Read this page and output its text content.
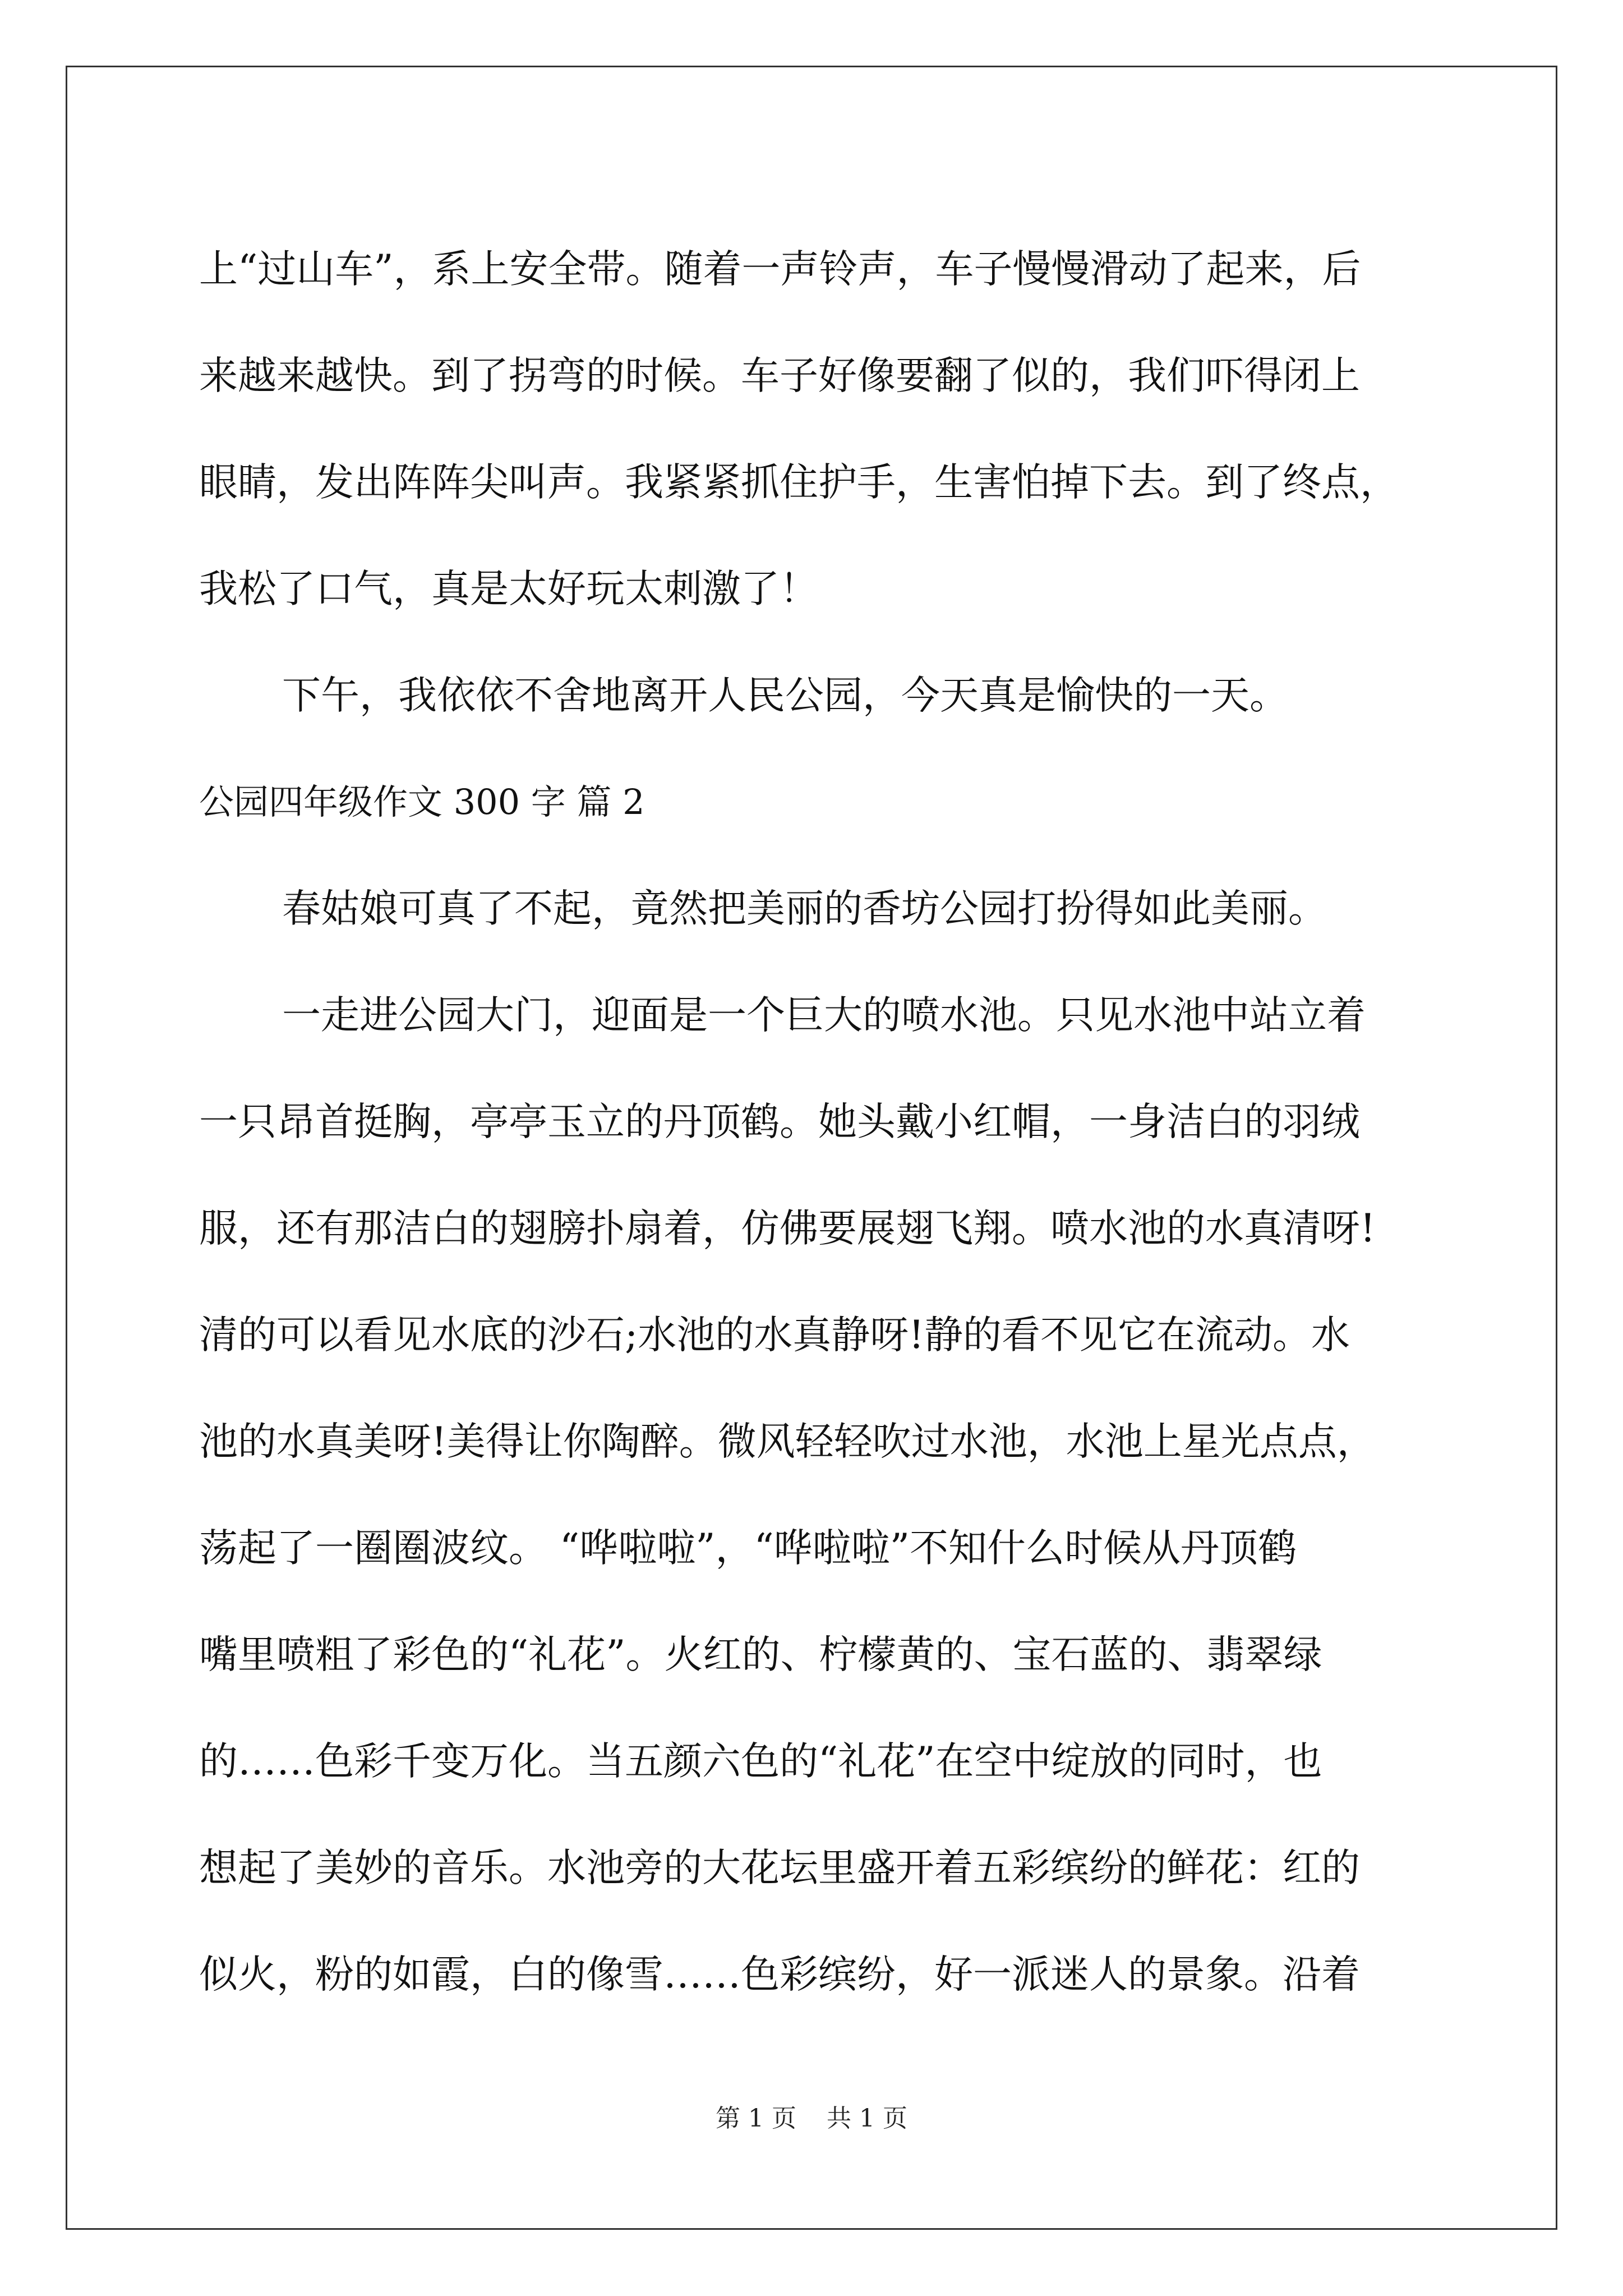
上“过山车”，系上安全带。随着一声铃声，车子慢慢滑动了起来，后
来越来越快。到了拐弯的时候。车子好像要翻了似的，我们吓得闭上
眼睛，发出阵阵尖叫声。我紧紧抓住护手，生害怕掉下去。到了终点，
我松了口气，真是太好玩太刺激了！
下午，我依依不舍地离开人民公园，今天真是愉快的一天。
公园四年级作文 300 字 篇 2
春姑娘可真了不起，竟然把美丽的香坊公园打扮得如此美丽。
一走进公园大门，迎面是一个巨大的喷水池。只见水池中站立着
一只昂首挺胸，亭亭玉立的丹顶鹤。她头戴小红帽，一身洁白的羽绒
服，还有那洁白的翅膀扑扇着，仿佛要展翅飞翔。喷水池的水真清呀!
清的可以看见水底的沙石;水池的水真静呀!静的看不见它在流动。水
池的水真美呀!美得让你陶醉。微风轻轻吹过水池，水池上星光点点，
荡起了一圈圈波纹。 “哗啦啦”，“哗啦啦”不知什么时候从丹顶鹤
嘴里喷粗了彩色的“礼花”。火红的、柠檬黄的、宝石蓝的、翡翠绿
的……色彩千变万化。当五颜六色的“礼花”在空中绽放的同时，也
想起了美妙的音乐。水池旁的大花坛里盛开着五彩缤纷的鲜花：红的
似火，粉的如霞，白的像雪……色彩缤纷，好一派迷人的景象。沿着
第 1 页 共 1 页
